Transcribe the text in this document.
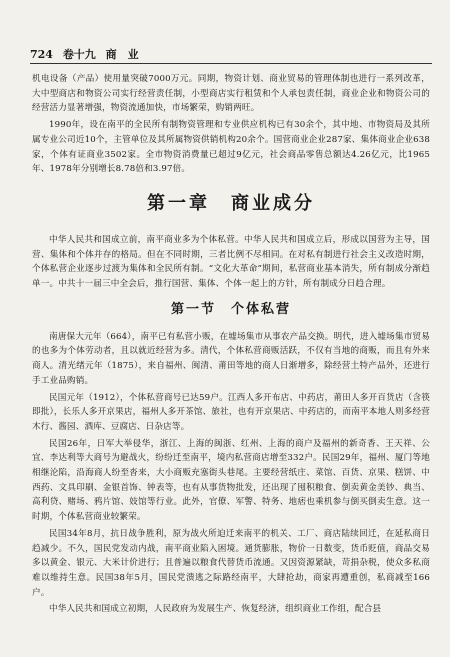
724 卷十九 商　业

机电设备（产品）使用量突破7000万元。同期，物资计划、商业贸易的管理体制也进行一系列改革，大中型商店和物资公司实行经营责任制，小型商店实行租赁和个人承包责任制，商业企业和物资公司的经营活力显著增强，物资流通加快，市场繁荣，购销两旺。

1990年，设在南平的全民所有制物资管理和专业供应机构已有30余个，其中地、市物资局及其所属专业公司近10个，主管单位及其所属物资供销机构20余个。国营商业企业287家、集体商业企业638家，个体有证商业3502家。全市物资消费量已超过9亿元，社会商品零售总额达4.26亿元，比1965年、1978年分别增长8.78倍和3.97倍。

第一章　商业成分

中华人民共和国成立前，南平商业多为个体私营。中华人民共和国成立后，形成以国营为主导，国营、集体和个体并存的格局。但在不同时期，三者比例不尽相同。在对私有制进行社会主义改造时期，个体私营企业逐步过渡为集体和全民所有制。“文化大革命”期间，私营商业基本消失，所有制成分渐趋单一。中共十一届三中全会后，推行国营、集体、个体一起上的方针，所有制成分日趋合理。

第一节　个体私营

南唐保大元年（664），南平已有私营小贩，在墟场集市从事农产品交换。明代，进入墟场集市贸易的也多为个体劳动者，且以就近经营为多。清代，个体私营商贩活跃，不仅有当地的商贩，而且有外来商人。清光绪元年（1875），来自福州、闽清、莆田等地的商人日渐增多，除经营土特产品外，还进行手工业品购销。

民国元年（1912），个体私营商号已达59户。江西人多开布店、中药店，莆田人多开百货店（含筷即批），长乐人多开京果店，福州人多开茶馆、旅社，也有开京果店、中药店的，而南平本地人则多经营木行、酱园、酒库、豆腐店、日杂店等。

民国26年，日军大举侵华，浙江、上海的闽浙、红州、上海的商户及福州的新奇香、王天祥、公宜、李达利等大商号为避战火，纷纷迁至南平，境内私营商店增至332户。民国29年，福州、厦门等地相继沦陷，沿海商人纷至沓来，大小商贩充塞街头巷尾。主要经营纸庄、菜馆、百货、京果、糕饼、中西药、文具印刷、金银首饰、钟表等，也有从事货物批发，还出现了囤积粮食、倒卖黄金美钞、典当、高利贷、赌场、鸦片馆、妓馆等行业。此外，官僚、军警、特务、地痞也乘机参与倒买倒卖生意。这一时期，个体私营商业较繁荣。

民国34年8月，抗日战争胜利，原为战火所迫迁来南平的机关、工厂、商店陆续回迁，在延私商日趋减少。不久，国民党发动内战，南平商业陷入困境。通货膨胀，物价一日数变，货币贬值，商品交易多以黄金、银元、大米计价进行；且普遍以粮食代替货币流通。又因资源紧缺，苛捐杂税，使众多私商难以维持生意。民国38年5月，国民党溃逃之际路经南平，大肆抢劫，商家再遭重创，私商减至166户。

中华人民共和国成立初期，人民政府为发展生产、恢复经济，组织商业工作组，配合县
